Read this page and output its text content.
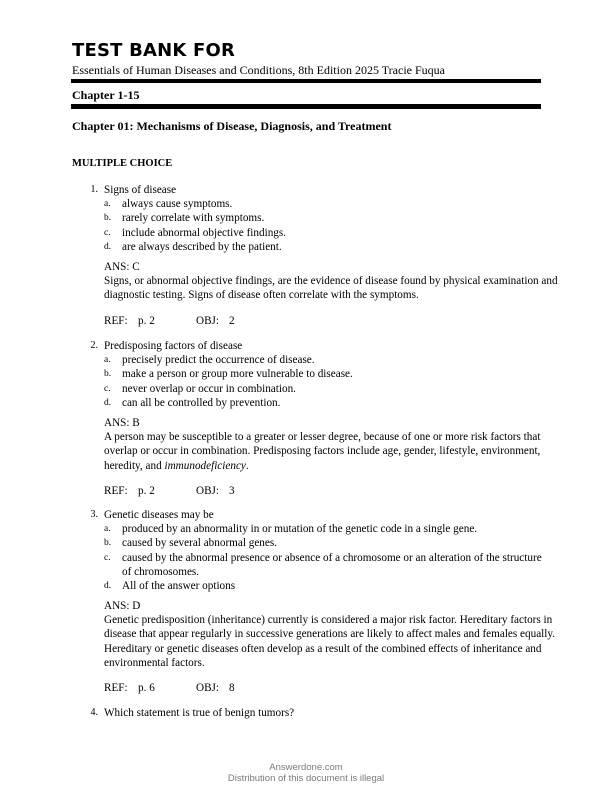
TEST BANK FOR
Essentials of Human Diseases and Conditions, 8th Edition 2025 Tracie Fuqua
Chapter 1-15
Chapter 01: Mechanisms of Disease, Diagnosis, and Treatment
MULTIPLE CHOICE
1. Signs of disease
a. always cause symptoms.
b. rarely correlate with symptoms.
c. include abnormal objective findings.
d. are always described by the patient.
ANS: C
Signs, or abnormal objective findings, are the evidence of disease found by physical examination and diagnostic testing. Signs of disease often correlate with the symptoms.
REF: p. 2	OBJ: 2
2. Predisposing factors of disease
a. precisely predict the occurrence of disease.
b. make a person or group more vulnerable to disease.
c. never overlap or occur in combination.
d. can all be controlled by prevention.
ANS: B
A person may be susceptible to a greater or lesser degree, because of one or more risk factors that overlap or occur in combination. Predisposing factors include age, gender, lifestyle, environment, heredity, and immunodeficiency.
REF: p. 2	OBJ: 3
3. Genetic diseases may be
a. produced by an abnormality in or mutation of the genetic code in a single gene.
b. caused by several abnormal genes.
c. caused by the abnormal presence or absence of a chromosome or an alteration of the structure of chromosomes.
d. All of the answer options
ANS: D
Genetic predisposition (inheritance) currently is considered a major risk factor. Hereditary factors in disease that appear regularly in successive generations are likely to affect males and females equally. Hereditary or genetic diseases often develop as a result of the combined effects of inheritance and environmental factors.
REF: p. 6	OBJ: 8
4. Which statement is true of benign tumors?
Answerdone.com
Distribution of this document is illegal
